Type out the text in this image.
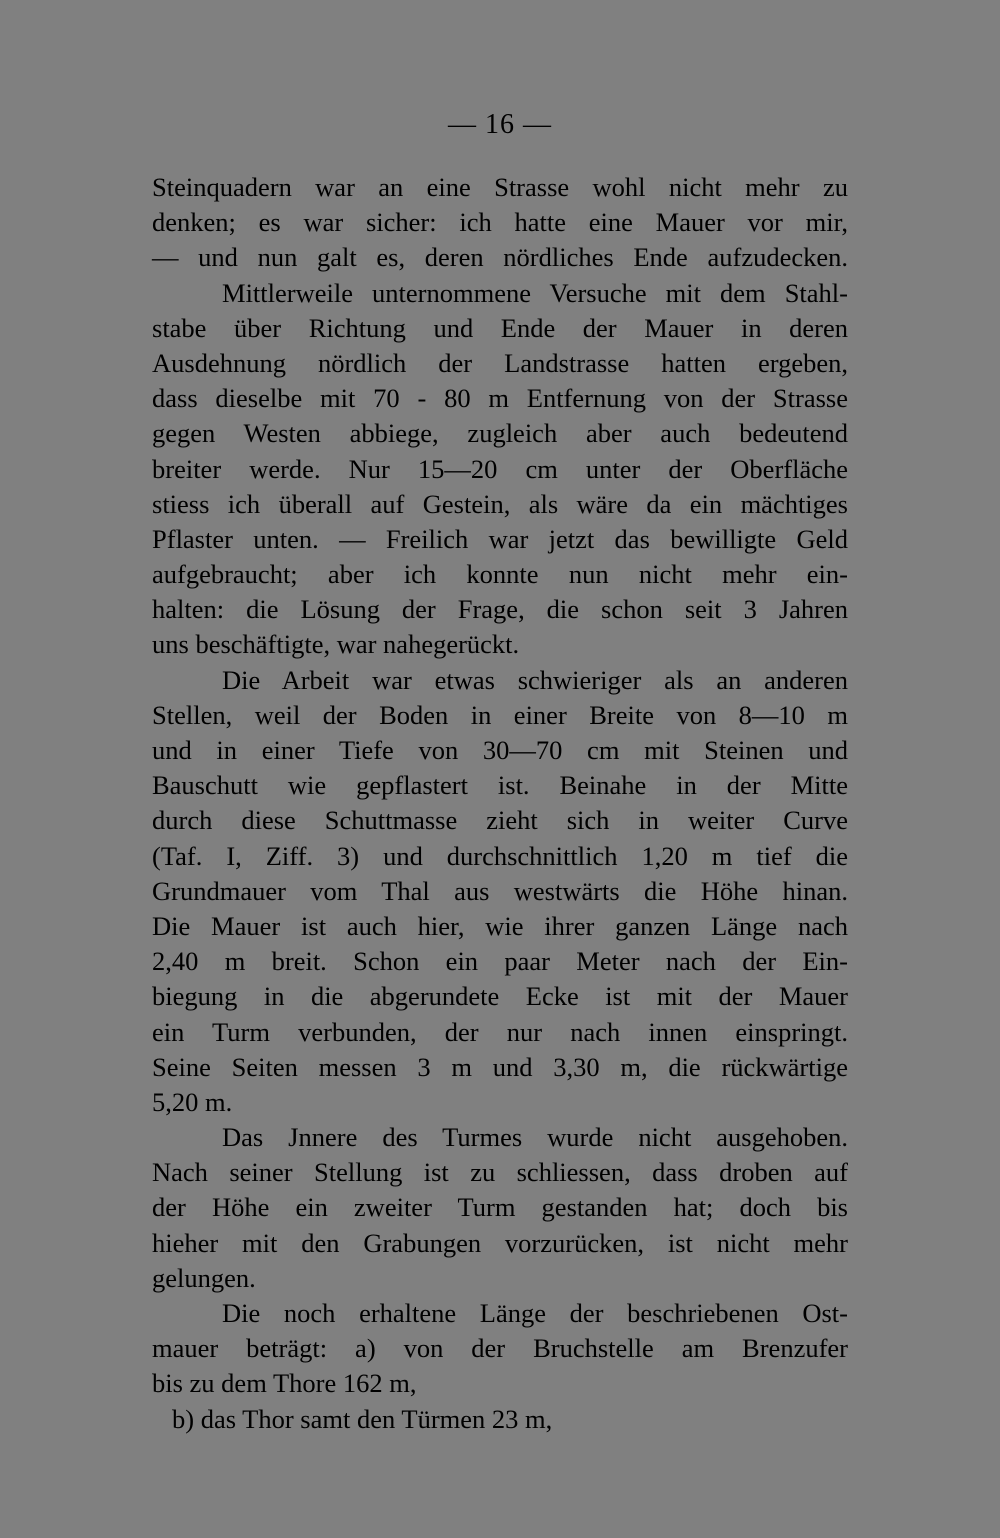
— 16 —
Steinquadern war an eine Strasse wohl nicht mehr zu
denken; es war sicher: ich hatte eine Mauer vor mir,
— und nun galt es, deren nördliches Ende aufzudecken.
Mittlerweile unternommene Versuche mit dem Stahl-
stabe über Richtung und Ende der Mauer in deren
Ausdehnung nördlich der Landstrasse hatten ergeben,
dass dieselbe mit 70 - 80 m Entfernung von der Strasse
gegen Westen abbiege, zugleich aber auch bedeutend
breiter werde. Nur 15—20 cm unter der Oberfläche
stiess ich überall auf Gestein, als wäre da ein mächtiges
Pflaster unten. — Freilich war jetzt das bewilligte Geld
aufgebraucht; aber ich konnte nun nicht mehr ein-
halten: die Lösung der Frage, die schon seit 3 Jahren
uns beschäftigte, war nahegerückt.
Die Arbeit war etwas schwieriger als an anderen
Stellen, weil der Boden in einer Breite von 8—10 m
und in einer Tiefe von 30—70 cm mit Steinen und
Bauschutt wie gepflastert ist. Beinahe in der Mitte
durch diese Schuttmasse zieht sich in weiter Curve
(Taf. I, Ziff. 3) und durchschnittlich 1,20 m tief die
Grundmauer vom Thal aus westwärts die Höhe hinan.
Die Mauer ist auch hier, wie ihrer ganzen Länge nach
2,40 m breit. Schon ein paar Meter nach der Ein-
biegung in die abgerundete Ecke ist mit der Mauer
ein Turm verbunden, der nur nach innen einspringt.
Seine Seiten messen 3 m und 3,30 m, die rückwärtige
5,20 m.
Das Jnnere des Turmes wurde nicht ausgehoben.
Nach seiner Stellung ist zu schliessen, dass droben auf
der Höhe ein zweiter Turm gestanden hat; doch bis
hieher mit den Grabungen vorzurücken, ist nicht mehr
gelungen.
Die noch erhaltene Länge der beschriebenen Ost-
mauer beträgt: a) von der Bruchstelle am Brenzufer
bis zu dem Thore 162 m,
b) das Thor samt den Türmen 23 m,
